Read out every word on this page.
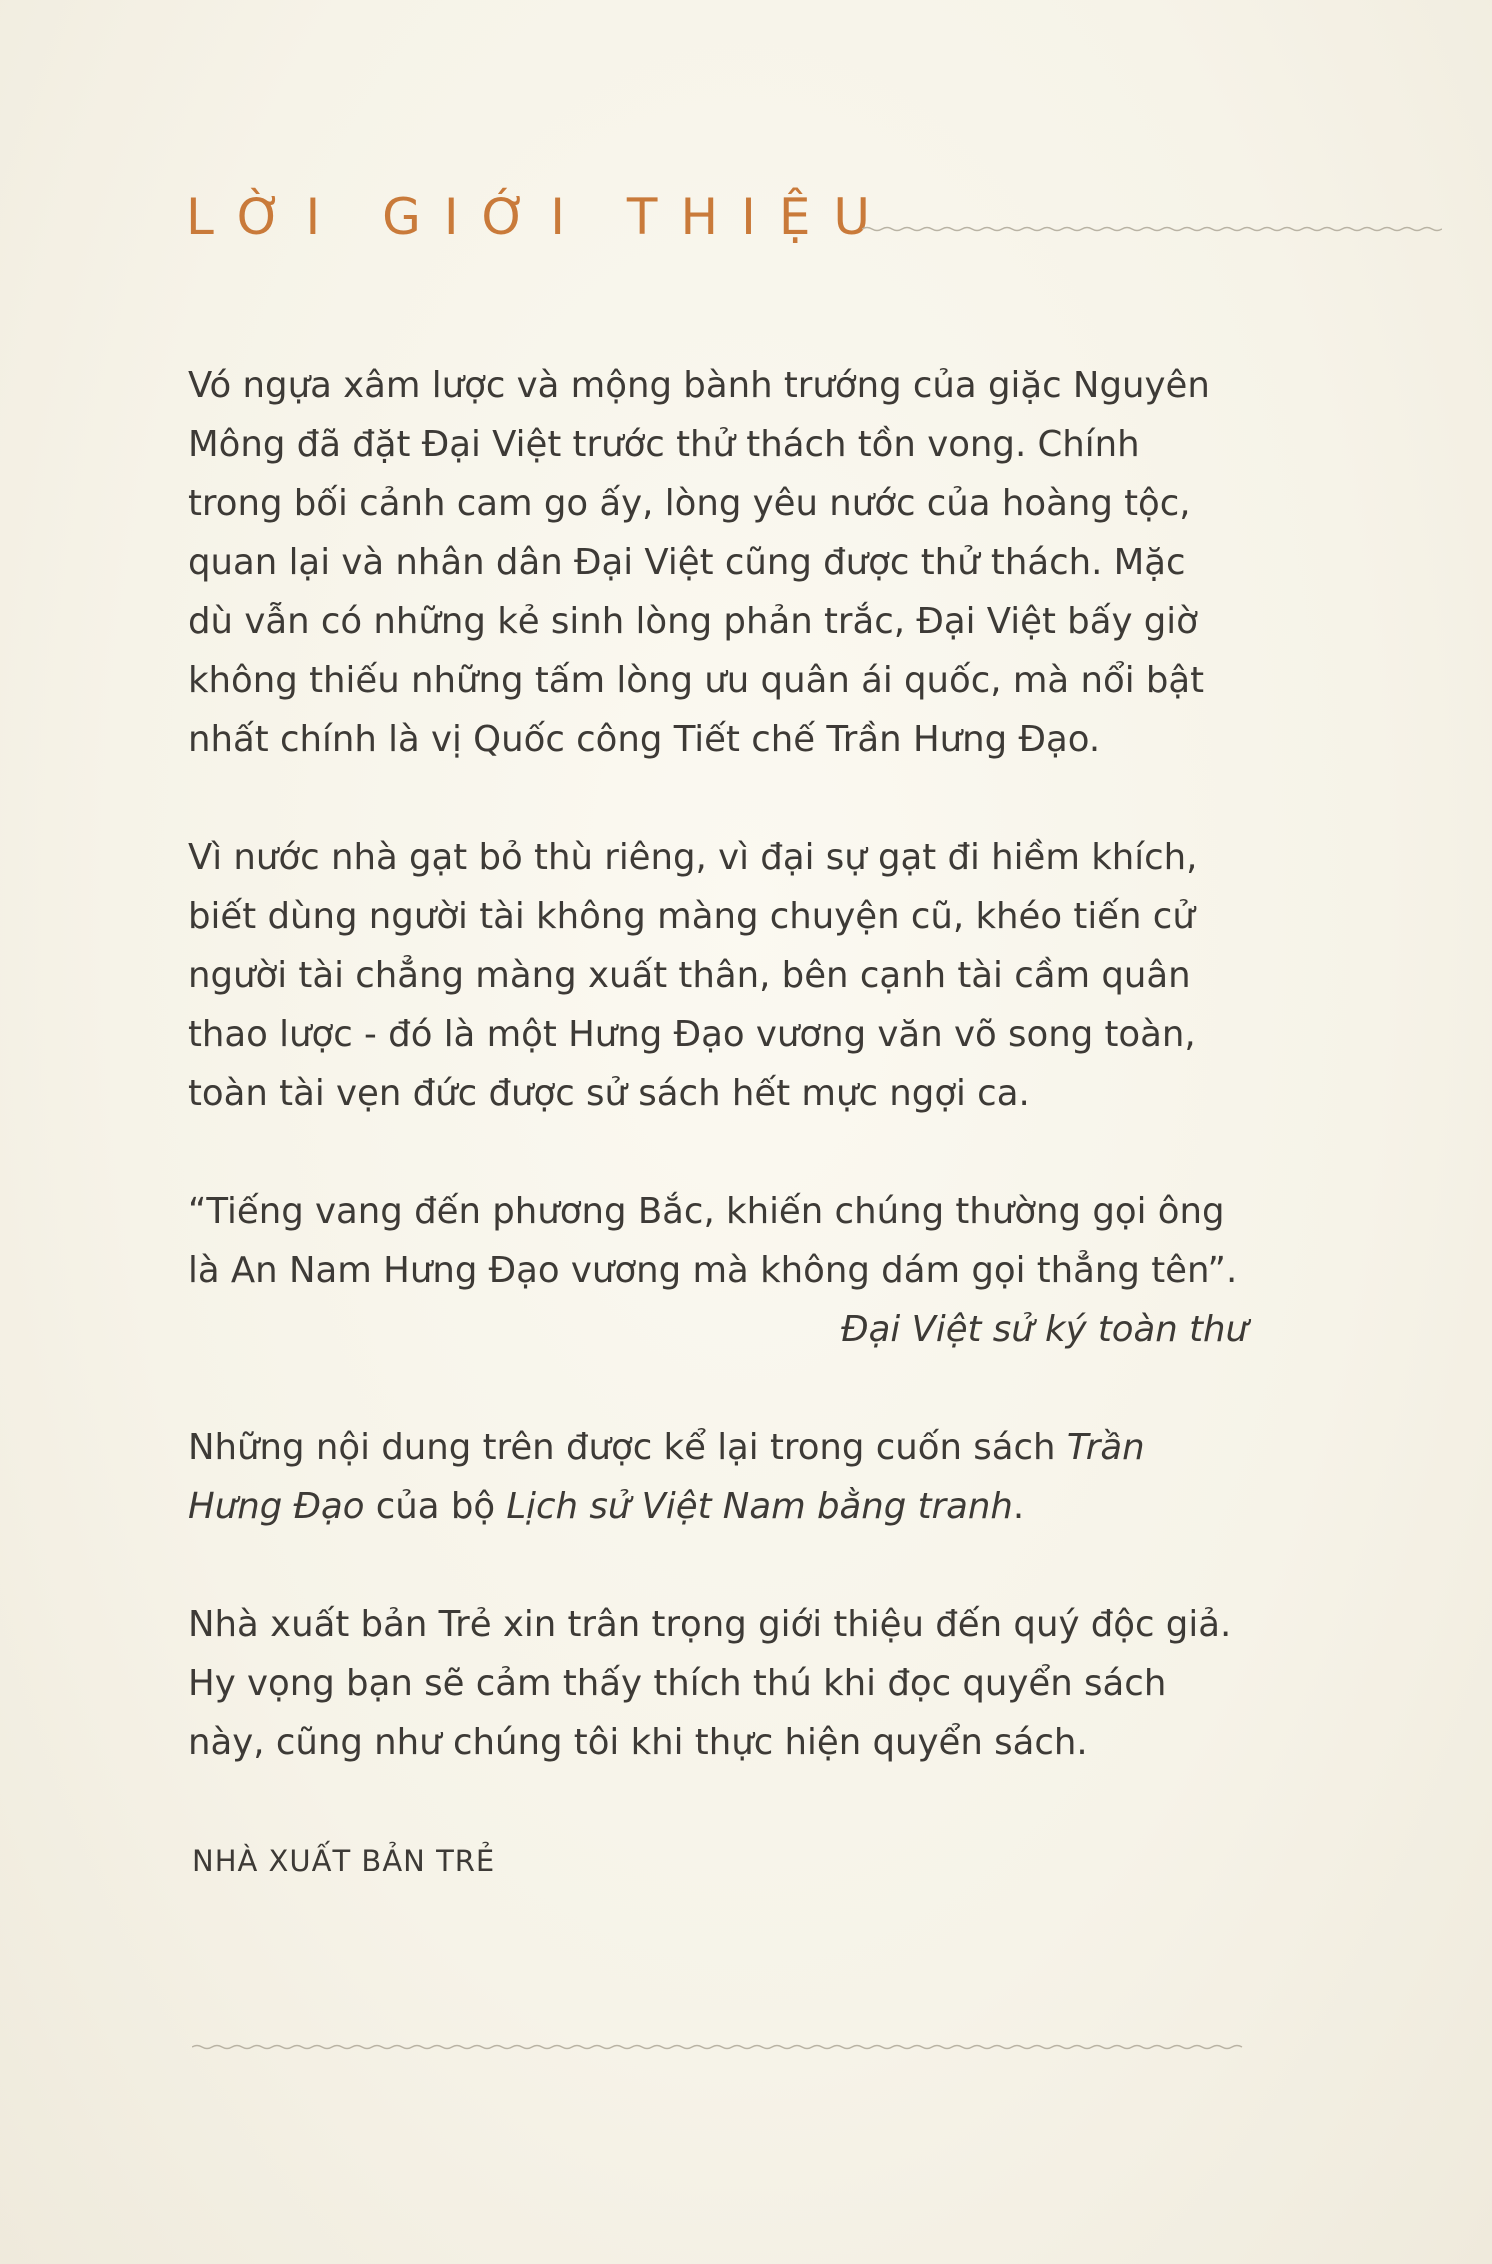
LỜI GIỚI THIỆU

Vó ngựa xâm lược và mộng bành trướng của giặc Nguyên
Mông đã đặt Đại Việt trước thử thách tồn vong. Chính
trong bối cảnh cam go ấy, lòng yêu nước của hoàng tộc,
quan lại và nhân dân Đại Việt cũng được thử thách. Mặc
dù vẫn có những kẻ sinh lòng phản trắc, Đại Việt bấy giờ
không thiếu những tấm lòng ưu quân ái quốc, mà nổi bật
nhất chính là vị Quốc công Tiết chế Trần Hưng Đạo.

Vì nước nhà gạt bỏ thù riêng, vì đại sự gạt đi hiềm khích,
biết dùng người tài không màng chuyện cũ, khéo tiến cử
người tài chẳng màng xuất thân, bên cạnh tài cầm quân
thao lược - đó là một Hưng Đạo vương văn võ song toàn,
toàn tài vẹn đức được sử sách hết mực ngợi ca.

“Tiếng vang đến phương Bắc, khiến chúng thường gọi ông
là An Nam Hưng Đạo vương mà không dám gọi thẳng tên”.
Đại Việt sử ký toàn thư

Những nội dung trên được kể lại trong cuốn sách Trần
Hưng Đạo của bộ Lịch sử Việt Nam bằng tranh.

Nhà xuất bản Trẻ xin trân trọng giới thiệu đến quý độc giả.
Hy vọng bạn sẽ cảm thấy thích thú khi đọc quyển sách
này, cũng như chúng tôi khi thực hiện quyển sách.

NHÀ XUẤT BẢN TRẺ
